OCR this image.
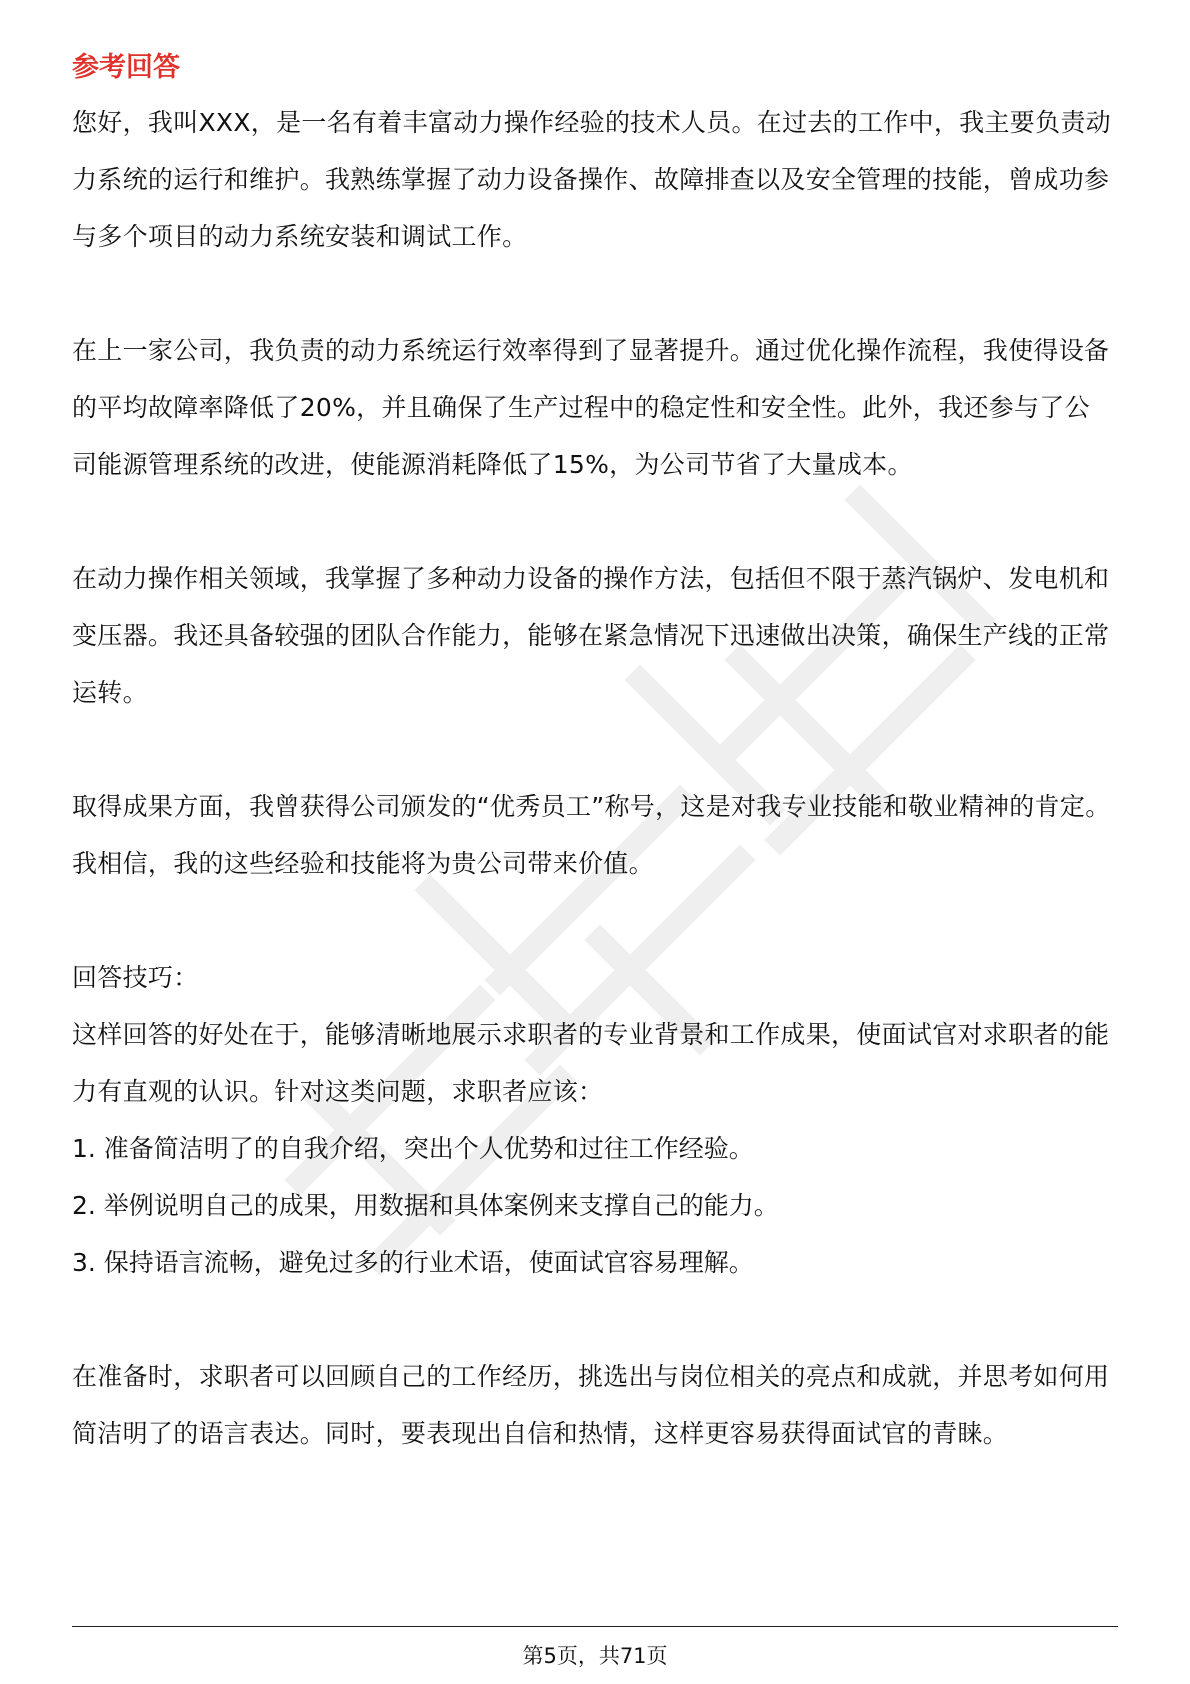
参考回答

您好，我叫XXX，是一名有着丰富动力操作经验的技术人员。在过去的工作中，我主要负责动力系统的运行和维护。我熟练掌握了动力设备操作、故障排查以及安全管理的技能，曾成功参与多个项目的动力系统安装和调试工作。

在上一家公司，我负责的动力系统运行效率得到了显著提升。通过优化操作流程，我使得设备的平均故障率降低了20%，并且确保了生产过程中的稳定性和安全性。此外，我还参与了公司能源管理系统的改进，使能源消耗降低了15%，为公司节省了大量成本。

在动力操作相关领域，我掌握了多种动力设备的操作方法，包括但不限于蒸汽锅炉、发电机和变压器。我还具备较强的团队合作能力，能够在紧急情况下迅速做出决策，确保生产线的正常运转。

取得成果方面，我曾获得公司颁发的“优秀员工”称号，这是对我专业技能和敬业精神的肯定。我相信，我的这些经验和技能将为贵公司带来价值。

回答技巧：

这样回答的好处在于，能够清晰地展示求职者的专业背景和工作成果，使面试官对求职者的能力有直观的认识。针对这类问题，求职者应该：

1. 准备简洁明了的自我介绍，突出个人优势和过往工作经验。

2. 举例说明自己的成果，用数据和具体案例来支撑自己的能力。

3. 保持语言流畅，避免过多的行业术语，使面试官容易理解。

在准备时，求职者可以回顾自己的工作经历，挑选出与岗位相关的亮点和成就，并思考如何用简洁明了的语言表达。同时，要表现出自信和热情，这样更容易获得面试官的青睐。

第5页，共71页
